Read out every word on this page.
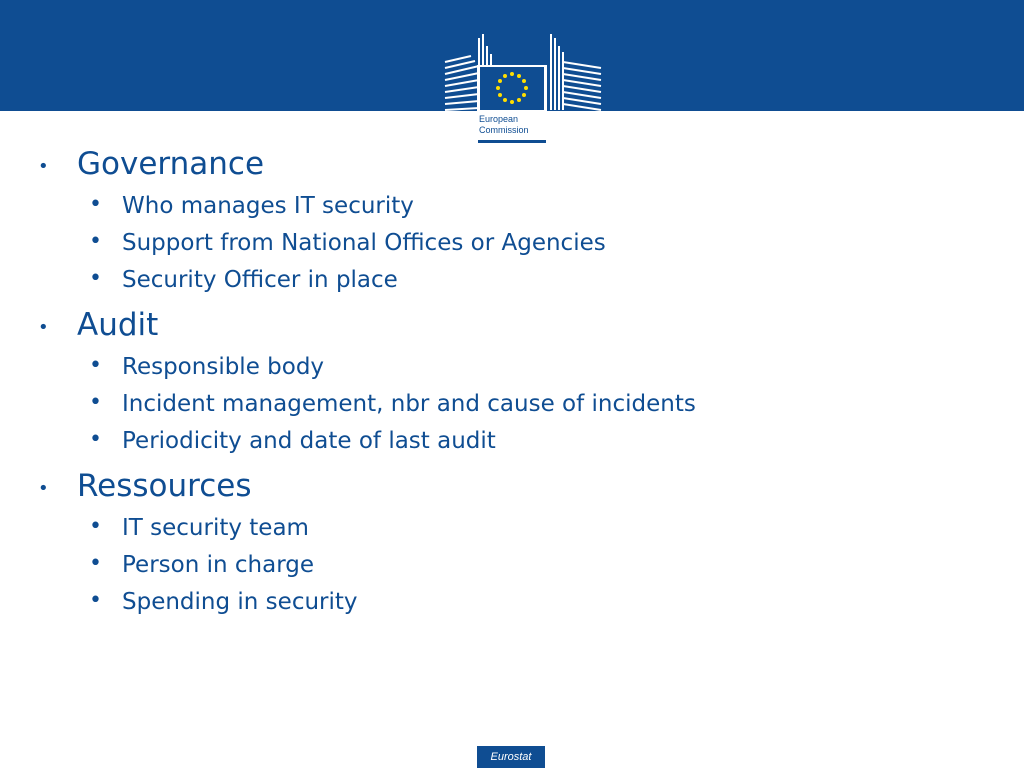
European
Commission
• Governance
• Who manages IT security
• Support from National Offices or Agencies
• Security Officer in place
• Audit
• Responsible body
• Incident management, nbr and cause of incidents
• Periodicity and date of last audit
• Ressources
• IT security team
• Person in charge
• Spending in security
Eurostat
